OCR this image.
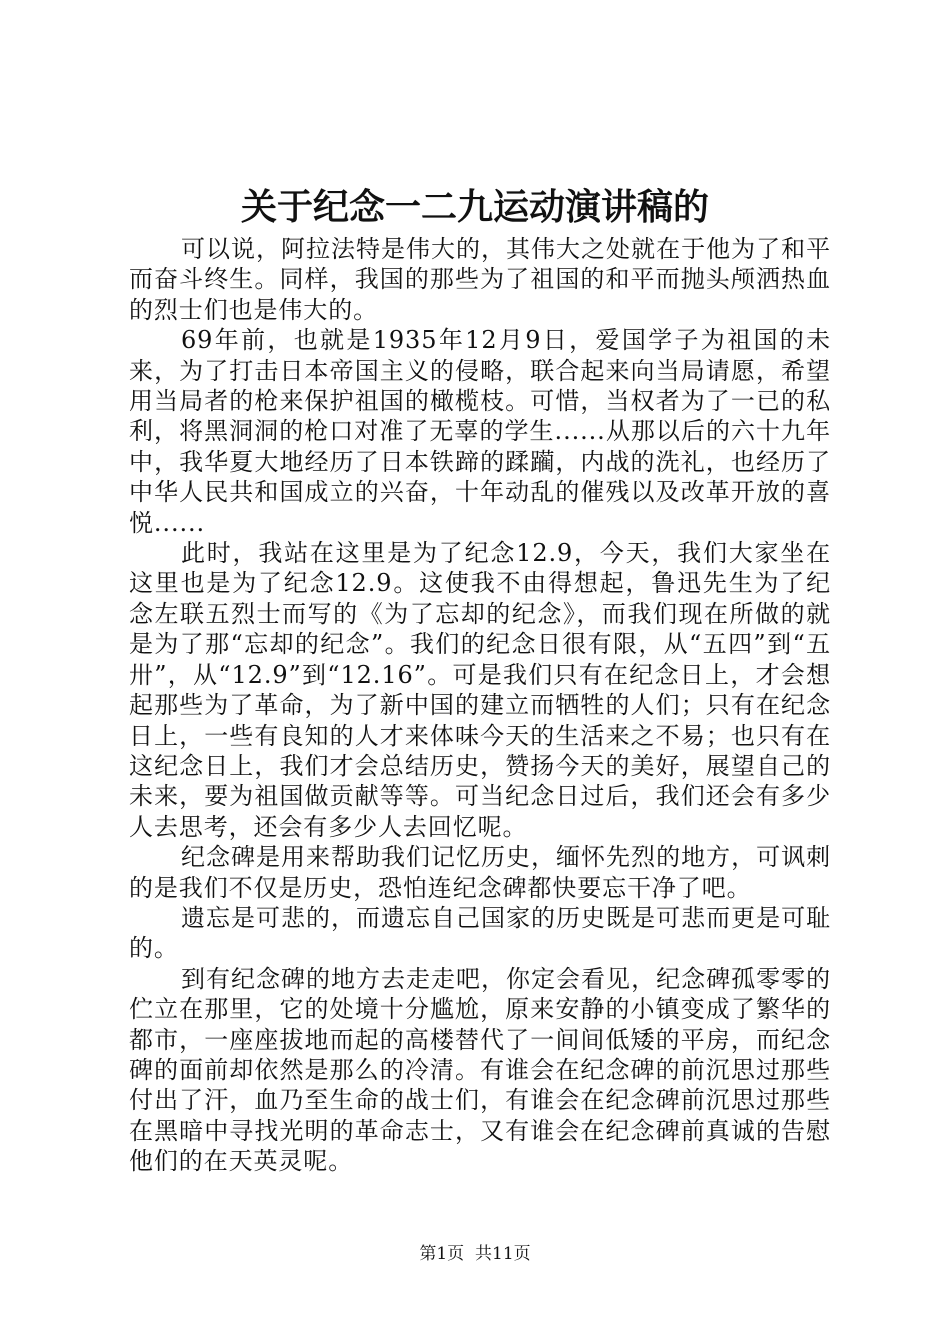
关于纪念一二九运动演讲稿的

可以说，阿拉法特是伟大的，其伟大之处就在于他为了和平而奋斗终生。同样，我国的那些为了祖国的和平而抛头颅洒热血的烈士们也是伟大的。

69年前，也就是1935年12月9日，爱国学子为祖国的未来，为了打击日本帝国主义的侵略，联合起来向当局请愿，希望用当局者的枪来保护祖国的橄榄枝。可惜，当权者为了一已的私利，将黑洞洞的枪口对准了无辜的学生......从那以后的六十九年中，我华夏大地经历了日本铁蹄的蹂躏，内战的洗礼，也经历了中华人民共和国成立的兴奋，十年动乱的催残以及改革开放的喜悦......

此时，我站在这里是为了纪念12.9，今天，我们大家坐在这里也是为了纪念12.9。这使我不由得想起，鲁迅先生为了纪念左联五烈士而写的《为了忘却的纪念》，而我们现在所做的就是为了那“忘却的纪念”。我们的纪念日很有限，从“五四”到“五卅”，从“12.9”到“12.16”。可是我们只有在纪念日上，才会想起那些为了革命，为了新中国的建立而牺牲的人们；只有在纪念日上，一些有良知的人才来体味今天的生活来之不易；也只有在这纪念日上，我们才会总结历史，赞扬今天的美好，展望自己的未来，要为祖国做贡献等等。可当纪念日过后，我们还会有多少人去思考，还会有多少人去回忆呢。

纪念碑是用来帮助我们记忆历史，缅怀先烈的地方，可讽刺的是我们不仅是历史，恐怕连纪念碑都快要忘干净了吧。

遗忘是可悲的，而遗忘自己国家的历史既是可悲而更是可耻的。

到有纪念碑的地方去走走吧，你定会看见，纪念碑孤零零的伫立在那里，它的处境十分尴尬，原来安静的小镇变成了繁华的都市，一座座拔地而起的高楼替代了一间间低矮的平房，而纪念碑的面前却依然是那么的冷清。有谁会在纪念碑的前沉思过那些付出了汗，血乃至生命的战士们，有谁会在纪念碑前沉思过那些在黑暗中寻找光明的革命志士，又有谁会在纪念碑前真诚的告慰他们的在天英灵呢。

第1页 共11页
